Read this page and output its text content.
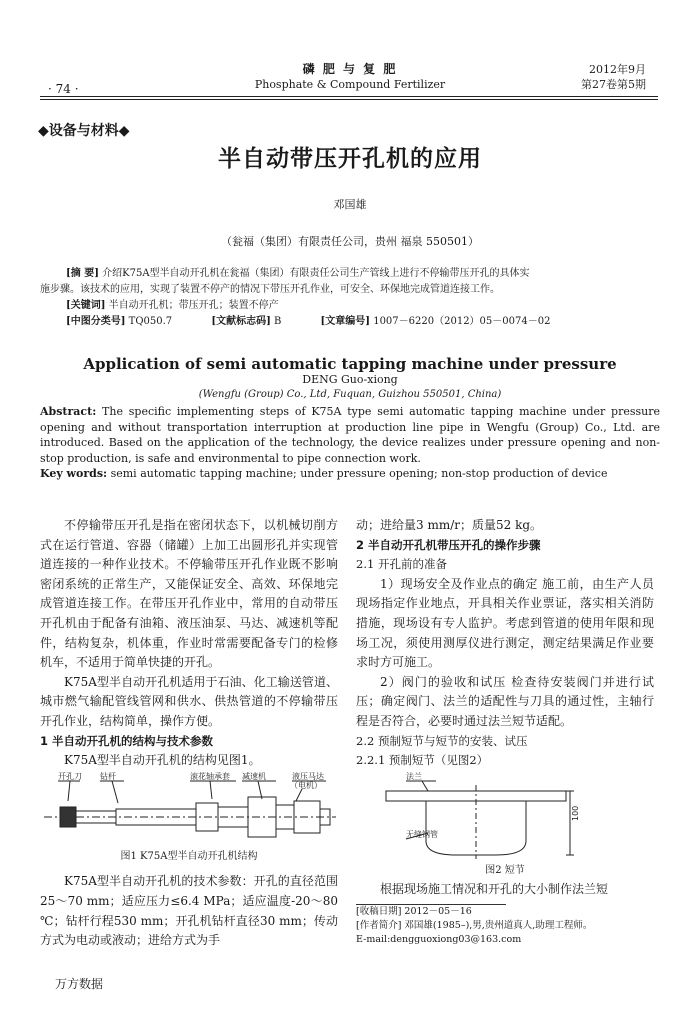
· 74 ·
磷 肥 与 复 肥
Phosphate & Compound Fertilizer
2012年9月
第27卷第5期
◆设备与材料◆
半自动带压开孔机的应用
邓国雄
（瓮福（集团）有限责任公司，贵州 福泉 550501）
[摘 要] 介绍K75A型半自动开孔机在瓮福（集团）有限责任公司生产管线上进行不停输带压开孔的具体实
施步骤。该技术的应用，实现了装置不停产的情况下带压开孔作业，可安全、环保地完成管道连接工作。
[关键词] 半自动开孔机；带压开孔；装置不停产
[中图分类号] TQ050.7	[文献标志码] B	[文章编号] 1007－6220（2012）05－0074－02
Application of semi automatic tapping machine under pressure
DENG Guo-xiong
(Wengfu (Group) Co., Ltd, Fuquan, Guizhou 550501, China)
Abstract: The specific implementing steps of K75A type semi automatic tapping machine under pressure opening and without transportation interruption at production line pipe in Wengfu (Group) Co., Ltd. are introduced. Based on the application of the technology, the device realizes under pressure opening and non-stop production, is safe and environmental to pipe connection work.
Key words: semi automatic tapping machine; under pressure opening; non-stop production of device

不停输带压开孔是指在密闭状态下，以机械切削方式在运行管道、容器（储罐）上加工出圆形孔并实现管道连接的一种作业技术。不停输带压开孔作业既不影响密闭系统的正常生产，又能保证安全、高效、环保地完成管道连接工作。在带压开孔作业中，常用的自动带压开孔机由于配备有油箱、液压油泵、马达、减速机等配件，结构复杂，机体重，作业时常需要配备专门的检修机车，不适用于简单快捷的开孔。

K75A型半自动开孔机适用于石油、化工输送管道、城市燃气输配管线管网和供水、供热管道的不停输带压开孔作业，结构简单，操作方便。

1 半自动开孔机的结构与技术参数

K75A型半自动开孔机的结构见图1。

开孔刀 钻杆	滚花轴承套 减速机	液压马达
（电机）

图1 K75A型半自动开孔机结构

K75A型半自动开孔机的技术参数：开孔的直径范围25～70 mm；适应压力≤6.4 MPa；适应温度-20～80 ℃；钻杆行程530 mm；开孔机钻杆直径30 mm；传动方式为电动或液动；进给方式为手

动；进给量3 mm/r；质量52 kg。

2 半自动开孔机带压开孔的操作步骤

2.1 开孔前的准备

1）现场安全及作业点的确定 施工前，由生产人员现场指定作业地点，开具相关作业票证，落实相关消防措施，现场设有专人监护。考虑到管道的使用年限和现场工况，须使用测厚仪进行测定，测定结果满足作业要求时方可施工。

2）阀门的验收和试压 检查待安装阀门并进行试压；确定阀门、法兰的适配性与刀具的通过性，主轴行程是否符合，必要时通过法兰短节适配。

2.2 预制短节与短节的安装、试压

2.2.1 预制短节（见图2）

法兰
无缝钢管
100

图2 短节

根据现场施工情况和开孔的大小制作法兰短

[收稿日期] 2012－05－16
[作者简介] 邓国雄(1985–),男,贵州道真人,助理工程师。
E-mail:dengguoxiong03@163.com
万方数据
